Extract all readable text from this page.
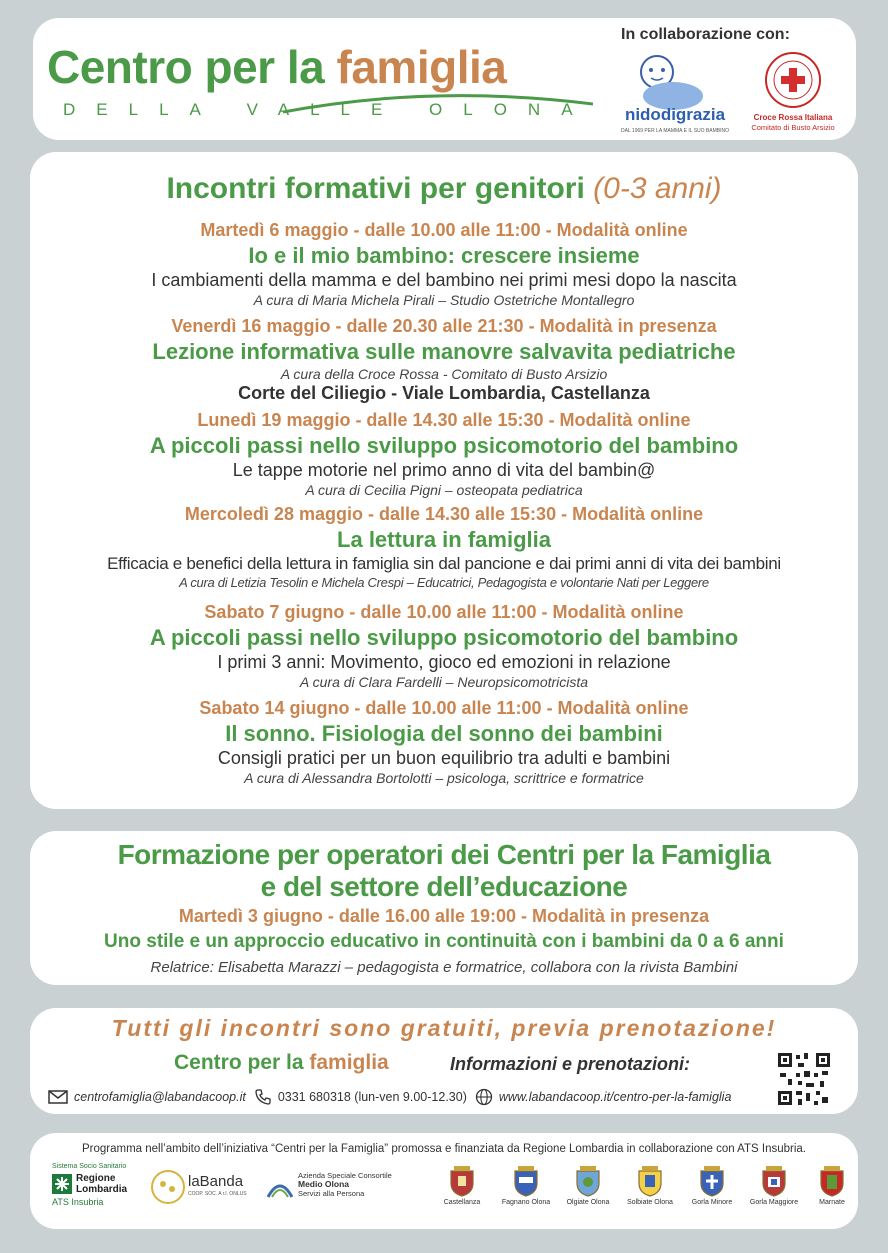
Centro per la famiglia
DELLA VALLE OLONA
In collaborazione con:
nidodigrazia
DAL 1969 PER LA MAMMA E IL SUO BAMBINO
Croce Rossa Italiana
Comitato di Busto Arsizio
Incontri formativi per genitori (0-3 anni)
Martedì 6 maggio - dalle 10.00 alle 11:00 - Modalità online
Io e il mio bambino: crescere insieme
I cambiamenti della mamma e del bambino nei primi mesi dopo la nascita
A cura di Maria Michela Pirali – Studio Ostetriche Montallegro
Venerdì 16 maggio - dalle 20.30 alle 21:30 - Modalità in presenza
Lezione informativa sulle manovre salvavita pediatriche
A cura della Croce Rossa - Comitato di Busto Arsizio
Corte del Ciliegio - Viale Lombardia, Castellanza
Lunedì 19 maggio - dalle 14.30 alle 15:30 - Modalità online
A piccoli passi nello sviluppo psicomotorio del bambino
Le tappe motorie nel primo anno di vita del bambin@
A cura di Cecilia Pigni – osteopata pediatrica
Mercoledì 28 maggio - dalle 14.30 alle 15:30 - Modalità online
La lettura in famiglia
Efficacia e benefici della lettura in famiglia sin dal pancione e dai primi anni di vita dei bambini
A cura di Letizia Tesolin e Michela Crespi – Educatrici, Pedagogista e volontarie Nati per Leggere
Sabato 7 giugno - dalle 10.00 alle 11:00 - Modalità online
A piccoli passi nello sviluppo psicomotorio del bambino
I primi 3 anni: Movimento, gioco ed emozioni in relazione
A cura di Clara Fardelli – Neuropsicomotricista
Sabato 14 giugno - dalle 10.00 alle 11:00 - Modalità online
Il sonno. Fisiologia del sonno dei bambini
Consigli pratici per un buon equilibrio tra adulti e bambini
A cura di Alessandra Bortolotti – psicologa, scrittrice e formatrice
Formazione per operatori dei Centri per la Famiglia
e del settore dell’educazione
Martedì 3 giugno - dalle 16.00 alle 19:00 - Modalità in presenza
Uno stile e un approccio educativo in continuità con i bambini da 0 a 6 anni
Relatrice: Elisabetta Marazzi – pedagogista e formatrice, collabora con la rivista Bambini
Tutti gli incontri sono gratuiti, previa prenotazione!
Centro per la famiglia	Informazioni e prenotazioni:
centrofamiglia@labandacoop.it	0331 680318 (lun-ven 9.00-12.30)	www.labandacoop.it/centro-per-la-famiglia
Programma nell’ambito dell’iniziativa “Centri per la Famiglia” promossa e finanziata da Regione Lombardia in collaborazione con ATS Insubria.
Sistema Socio Sanitario
Regione
Lombardia
ATS Insubria
laBanda
COOP. SOC. A r.l. ONLUS
Azienda Speciale Consortile
Medio Olona
Servizi alla Persona
Castellanza	Fagnano Olona	Olgiate Olona	Solbiate Olona	Gorla Minore	Gorla Maggiore	Marnate
